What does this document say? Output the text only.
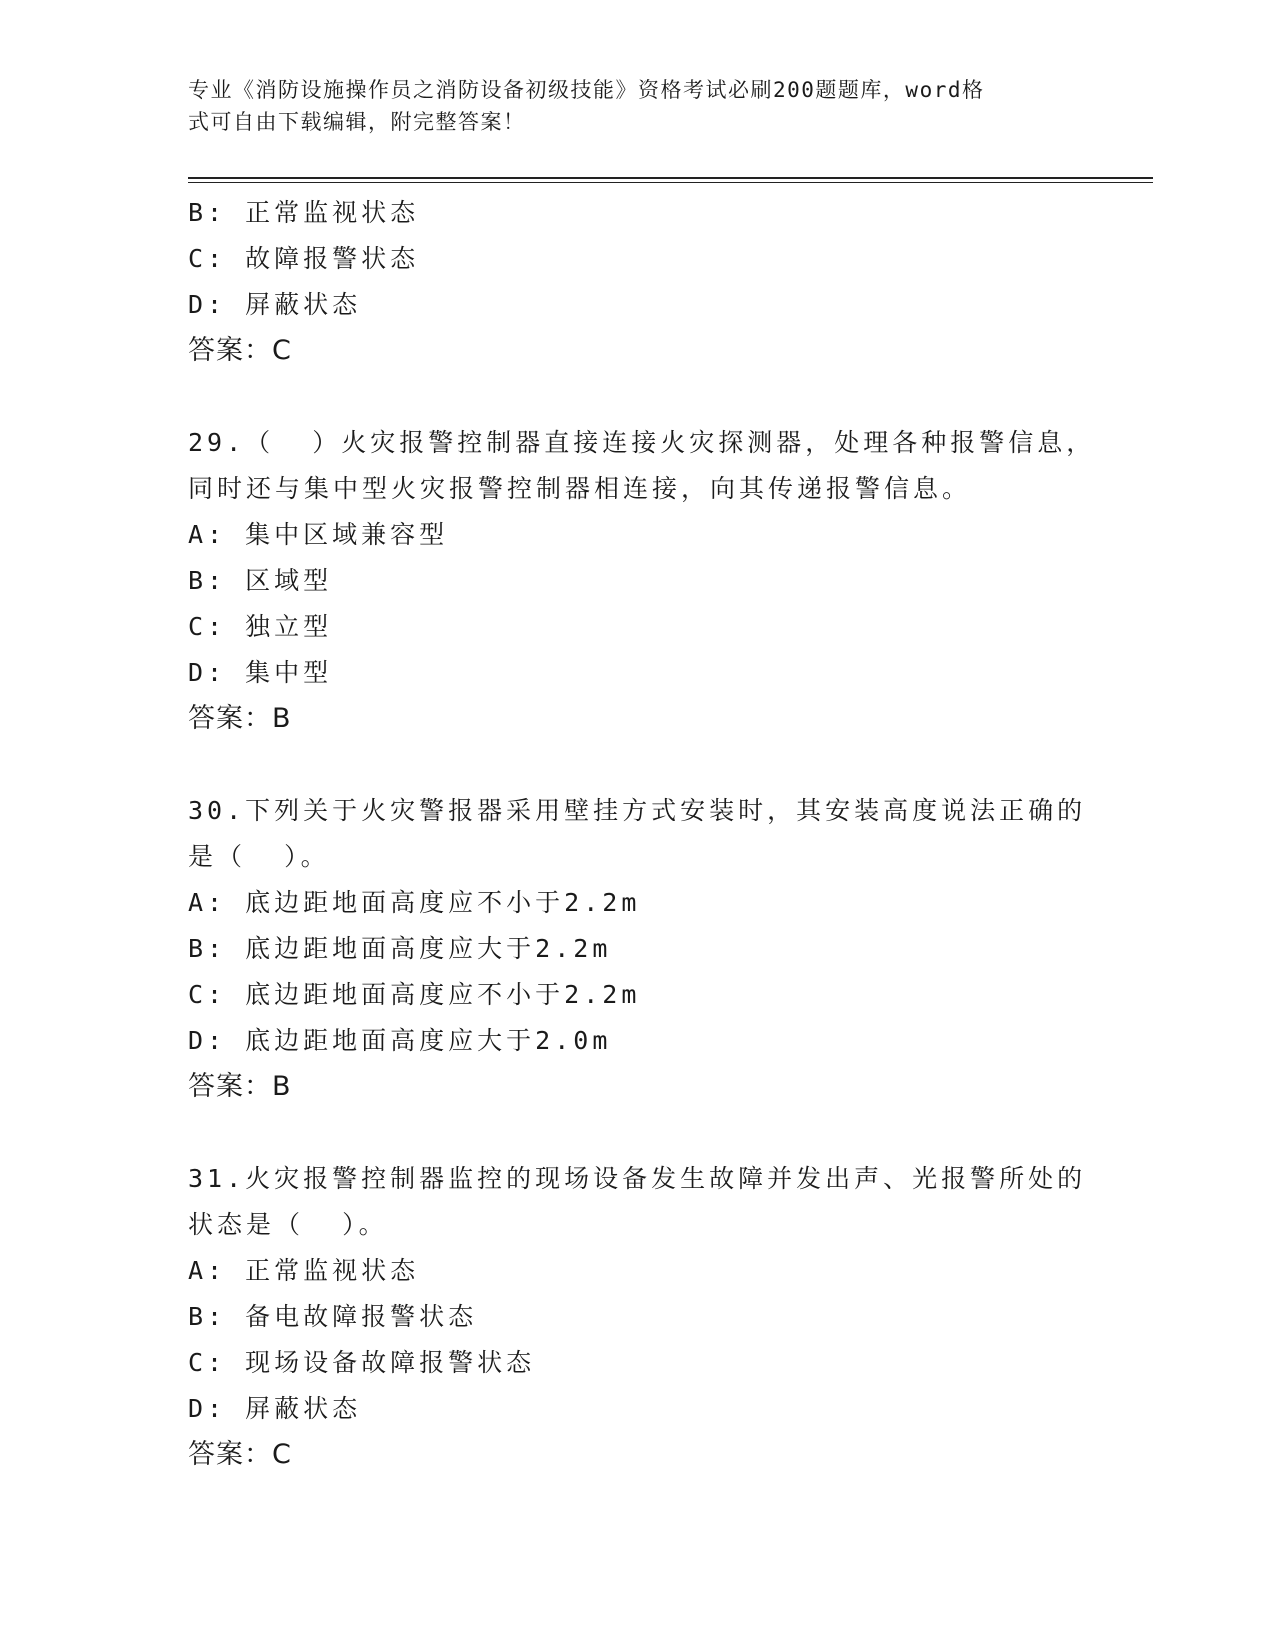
专业《消防设施操作员之消防设备初级技能》资格考试必刷200题题库，word格
式可自由下载编辑，附完整答案！
B: 正常监视状态
C: 故障报警状态
D: 屏蔽状态
答案：C
29.（  ）火灾报警控制器直接连接火灾探测器，处理各种报警信息，
同时还与集中型火灾报警控制器相连接，向其传递报警信息。
A: 集中区域兼容型
B: 区域型
C: 独立型
D: 集中型
答案：B
30.下列关于火灾警报器采用壁挂方式安装时，其安装高度说法正确的
是（  ）。
A: 底边距地面高度应不小于2.2m
B: 底边距地面高度应大于2.2m
C: 底边距地面高度应不小于2.2m
D: 底边距地面高度应大于2.0m
答案：B
31.火灾报警控制器监控的现场设备发生故障并发出声、光报警所处的
状态是（  ）。
A: 正常监视状态
B: 备电故障报警状态
C: 现场设备故障报警状态
D: 屏蔽状态
答案：C
